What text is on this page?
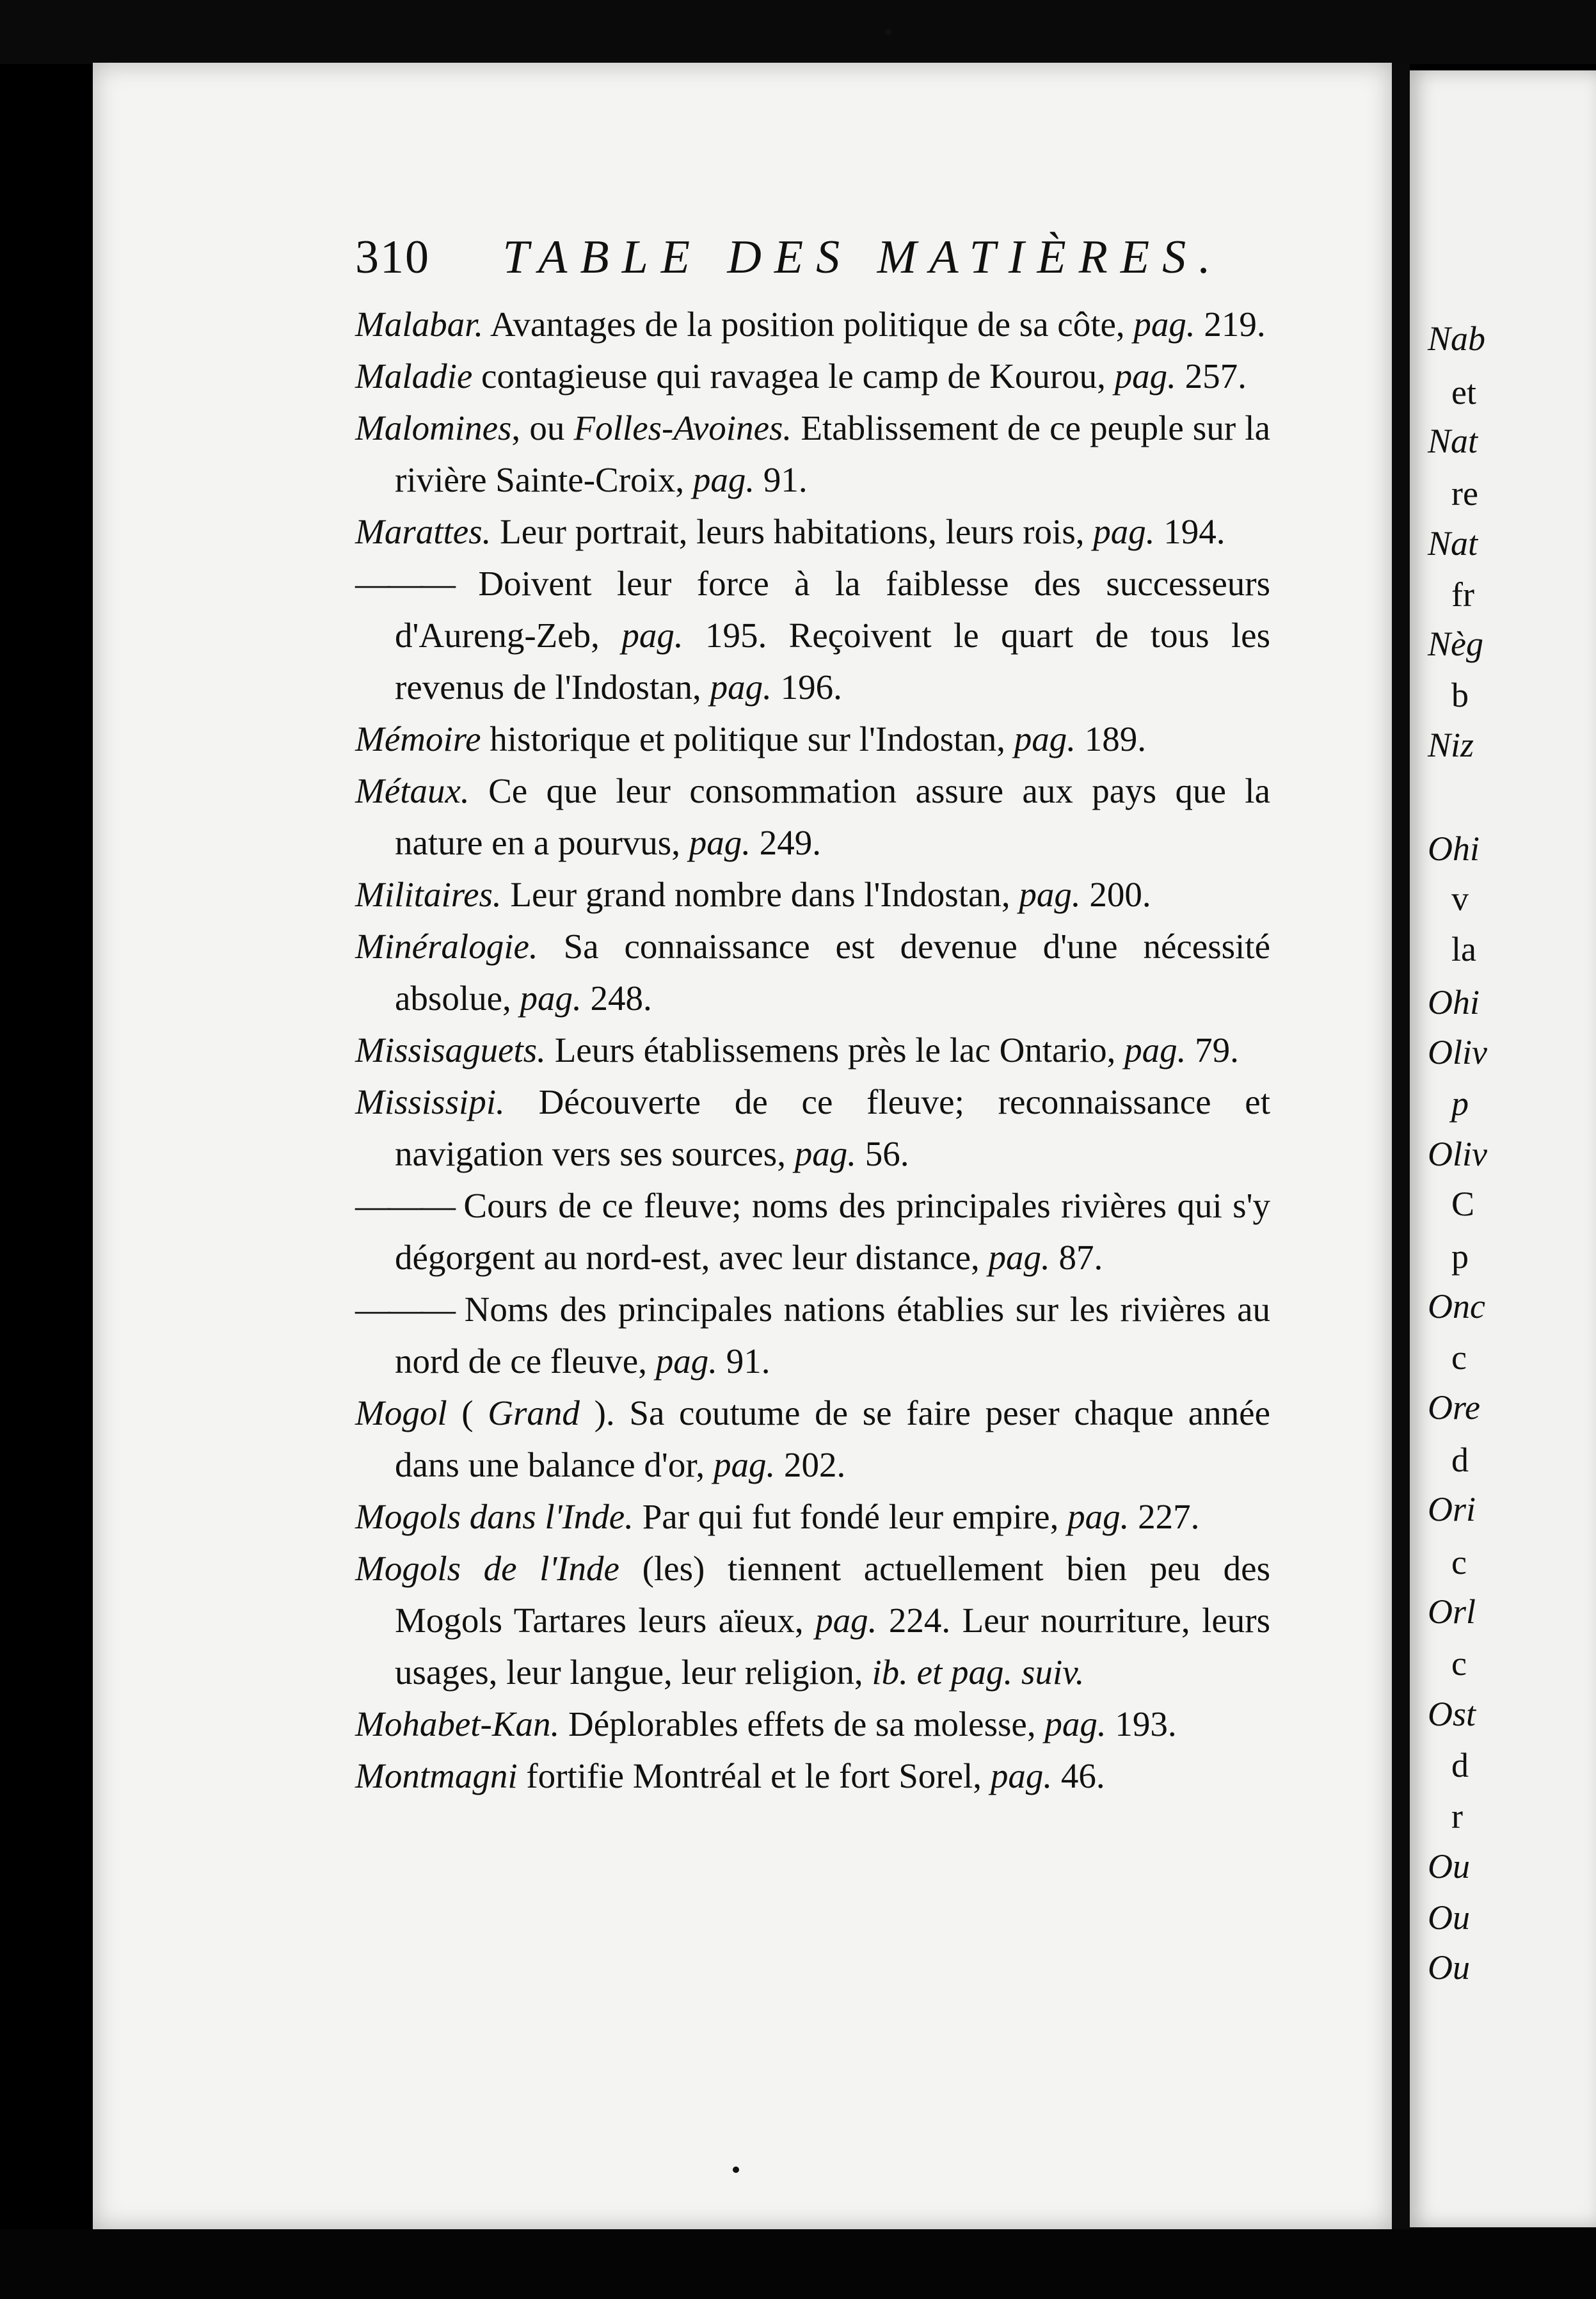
310 TABLE DES MATIÈRES.
Malabar. Avantages de la position politique de sa côte, pag. 219.
Maladie contagieuse qui ravagea le camp de Kourou, pag. 257.
Malomines, ou Folles-Avoines. Etablissement de ce peuple sur la rivière Sainte-Croix, pag. 91.
Marattes. Leur portrait, leurs habitations, leurs rois, pag. 194.
——— Doivent leur force à la faiblesse des successeurs d'Aureng-Zeb, pag. 195. Reçoivent le quart de tous les revenus de l'Indostan, pag. 196.
Mémoire historique et politique sur l'Indostan, pag. 189.
Métaux. Ce que leur consommation assure aux pays que la nature en a pourvus, pag. 249.
Militaires. Leur grand nombre dans l'Indostan, pag. 200.
Minéralogie. Sa connaissance est devenue d'une nécessité absolue, pag. 248.
Missisaguets. Leurs établissemens près le lac Ontario, pag. 79.
Mississipi. Découverte de ce fleuve; reconnaissance et navigation vers ses sources, pag. 56.
——— Cours de ce fleuve; noms des principales rivières qui s'y dégorgent au nord-est, avec leur distance, pag. 87.
——— Noms des principales nations établies sur les rivières au nord de ce fleuve, pag. 91.
Mogol ( Grand ). Sa coutume de se faire peser chaque année dans une balance d'or, pag. 202.
Mogols dans l'Inde. Par qui fut fondé leur empire, pag. 227.
Mogols de l'Inde (les) tiennent actuellement bien peu des Mogols Tartares leurs aïeux, pag. 224. Leur nourriture, leurs usages, leur langue, leur religion, ib. et pag. suiv.
Mohabet-Kan. Déplorables effets de sa molesse, pag. 193.
Montmagni fortifie Montréal et le fort Sorel, pag. 46.
Nab
et
Nat
re
Nat
fr
Nèg
b
Niz
Ohi
v
la
Ohi
Oliv
p
Oliv
C
p
Onc
c
Ore
d
Ori
c
Orl
c
Ost
d
r
Ou
Ou
Ou
